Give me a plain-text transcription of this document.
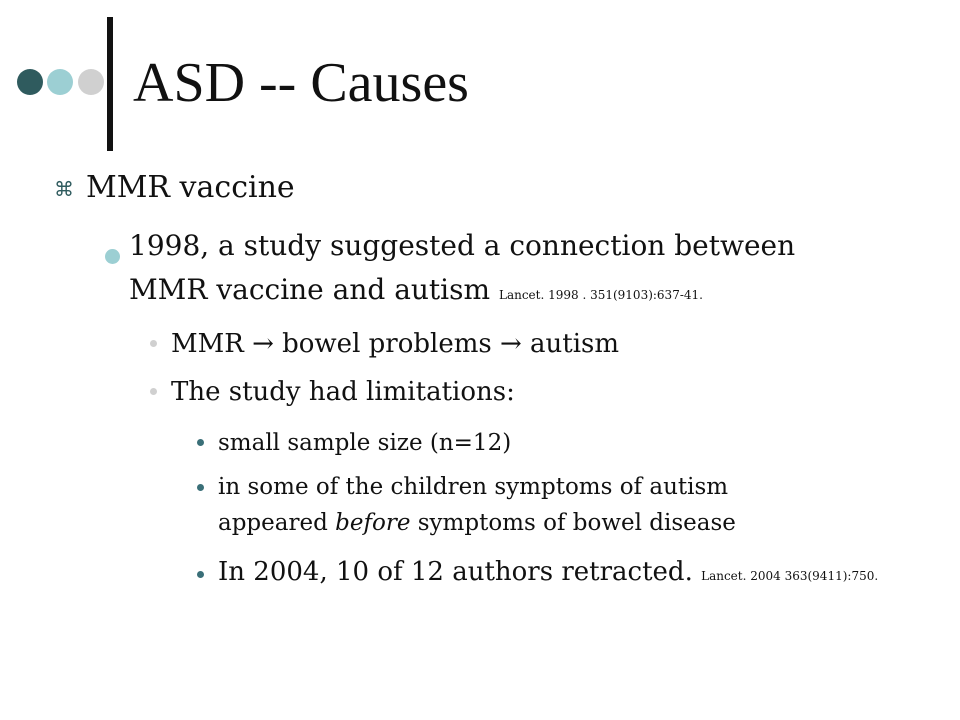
ASD -- Causes
⌘ MMR vaccine
1998, a study suggested a connection between
MMR vaccine and autism Lancet. 1998 . 351(9103):637-41.
MMR → bowel problems → autism
The study had limitations:
small sample size (n=12)
in some of the children symptoms of autism
appeared before symptoms of bowel disease
In 2004, 10 of 12 authors retracted. Lancet. 2004 363(9411):750.
